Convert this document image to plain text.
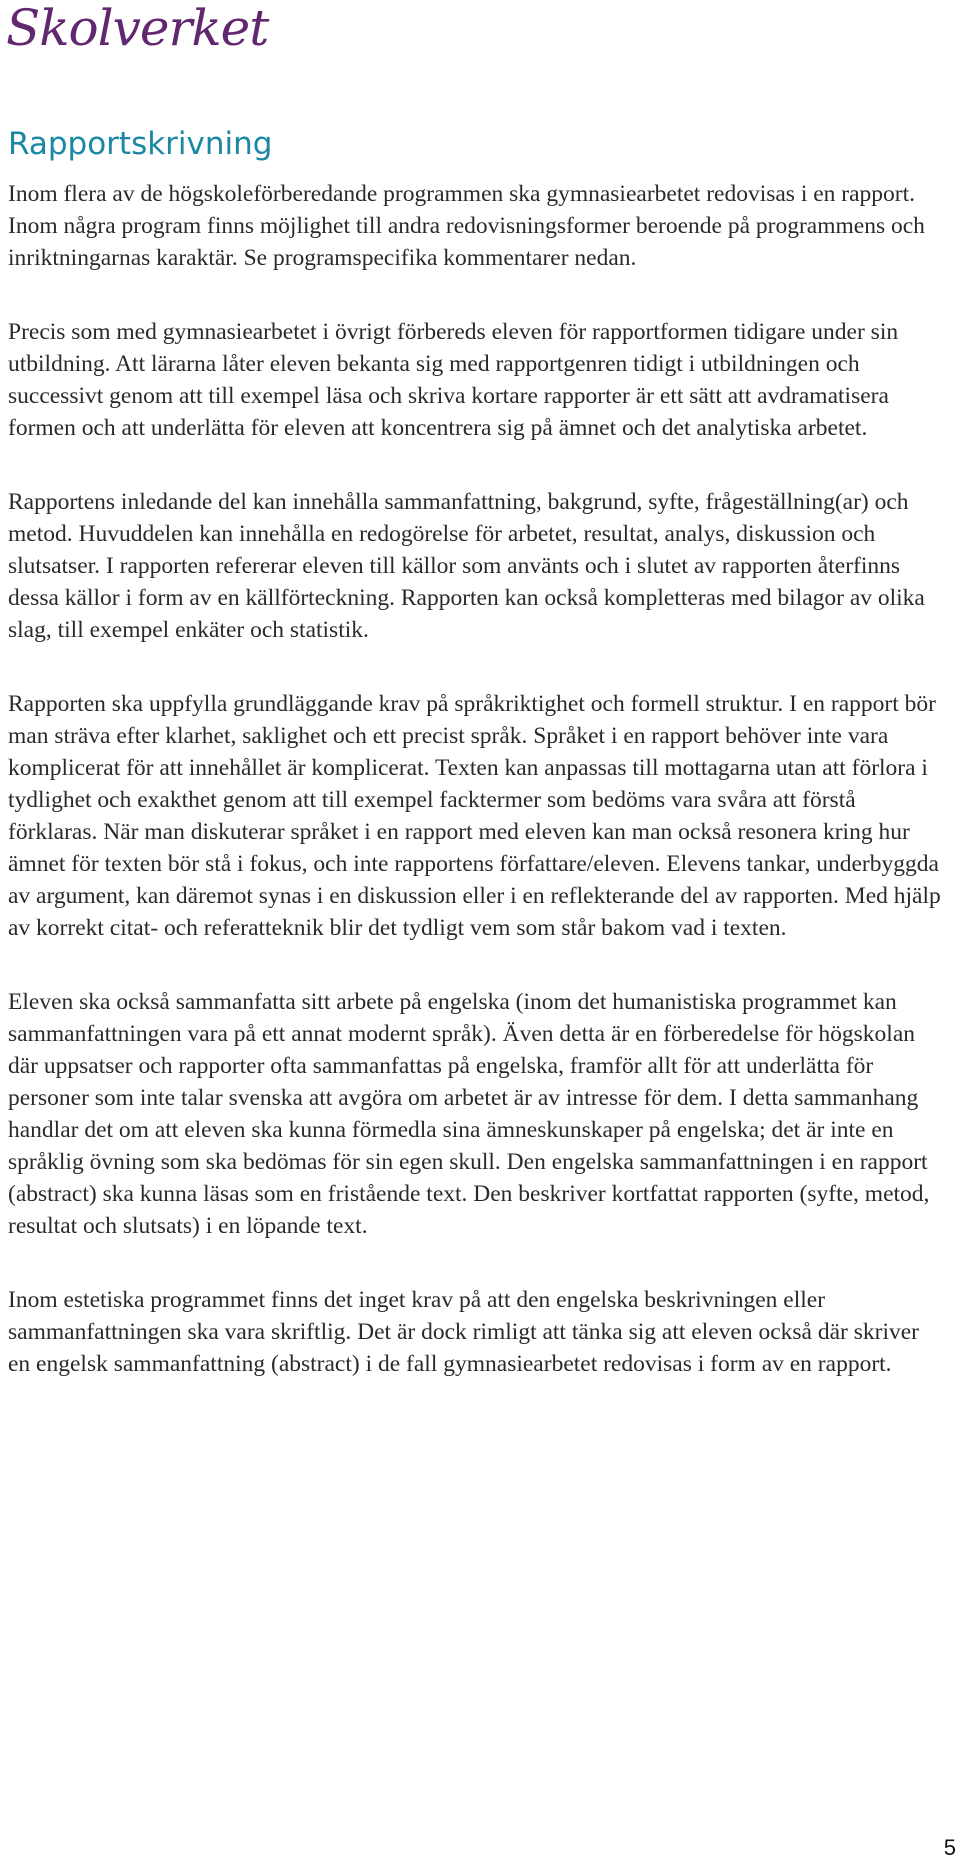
Skolverket
Rapportskrivning

Inom flera av de högskoleförberedande programmen ska gymnasiearbetet redovisas i en rapport. Inom några program finns möjlighet till andra redovisningsformer beroende på programmens och inriktningarnas karaktär. Se programspecifika kommentarer nedan.

Precis som med gymnasiearbetet i övrigt förbereds eleven för rapportformen tidigare under sin utbildning. Att lärarna låter eleven bekanta sig med rapportgenren tidigt i utbildningen och successivt genom att till exempel läsa och skriva kortare rapporter är ett sätt att avdramatisera formen och att underlätta för eleven att koncentrera sig på ämnet och det analytiska arbetet.

Rapportens inledande del kan innehålla sammanfattning, bakgrund, syfte, frågeställning(ar) och metod. Huvuddelen kan innehålla en redogörelse för arbetet, resultat, analys, diskussion och slutsatser. I rapporten refererar eleven till källor som använts och i slutet av rapporten återfinns dessa källor i form av en källförteckning. Rapporten kan också kompletteras med bilagor av olika slag, till exempel enkäter och statistik.

Rapporten ska uppfylla grundläggande krav på språkriktighet och formell struktur. I en rapport bör man sträva efter klarhet, saklighet och ett precist språk. Språket i en rapport behöver inte vara komplicerat för att innehållet är komplicerat. Texten kan anpassas till mottagarna utan att förlora i tydlighet och exakthet genom att till exempel facktermer som bedöms vara svåra att förstå förklaras. När man diskuterar språket i en rapport med eleven kan man också resonera kring hur ämnet för texten bör stå i fokus, och inte rapportens författare/eleven. Elevens tankar, underbyggda av argument, kan däremot synas i en diskussion eller i en reflekterande del av rapporten. Med hjälp av korrekt citat- och referatteknik blir det tydligt vem som står bakom vad i texten.

Eleven ska också sammanfatta sitt arbete på engelska (inom det humanistiska programmet kan sammanfattningen vara på ett annat modernt språk). Även detta är en förberedelse för högskolan där uppsatser och rapporter ofta sammanfattas på engelska, framför allt för att underlätta för personer som inte talar svenska att avgöra om arbetet är av intresse för dem. I detta sammanhang handlar det om att eleven ska kunna förmedla sina ämneskunskaper på engelska; det är inte en språklig övning som ska bedömas för sin egen skull. Den engelska sammanfattningen i en rapport (abstract) ska kunna läsas som en fristående text. Den beskriver kortfattat rapporten (syfte, metod, resultat och slutsats) i en löpande text.

Inom estetiska programmet finns det inget krav på att den engelska beskrivningen eller sammanfattningen ska vara skriftlig. Det är dock rimligt att tänka sig att eleven också där skriver en engelsk sammanfattning (abstract) i de fall gymnasiearbetet redovisas i form av en rapport.

5
